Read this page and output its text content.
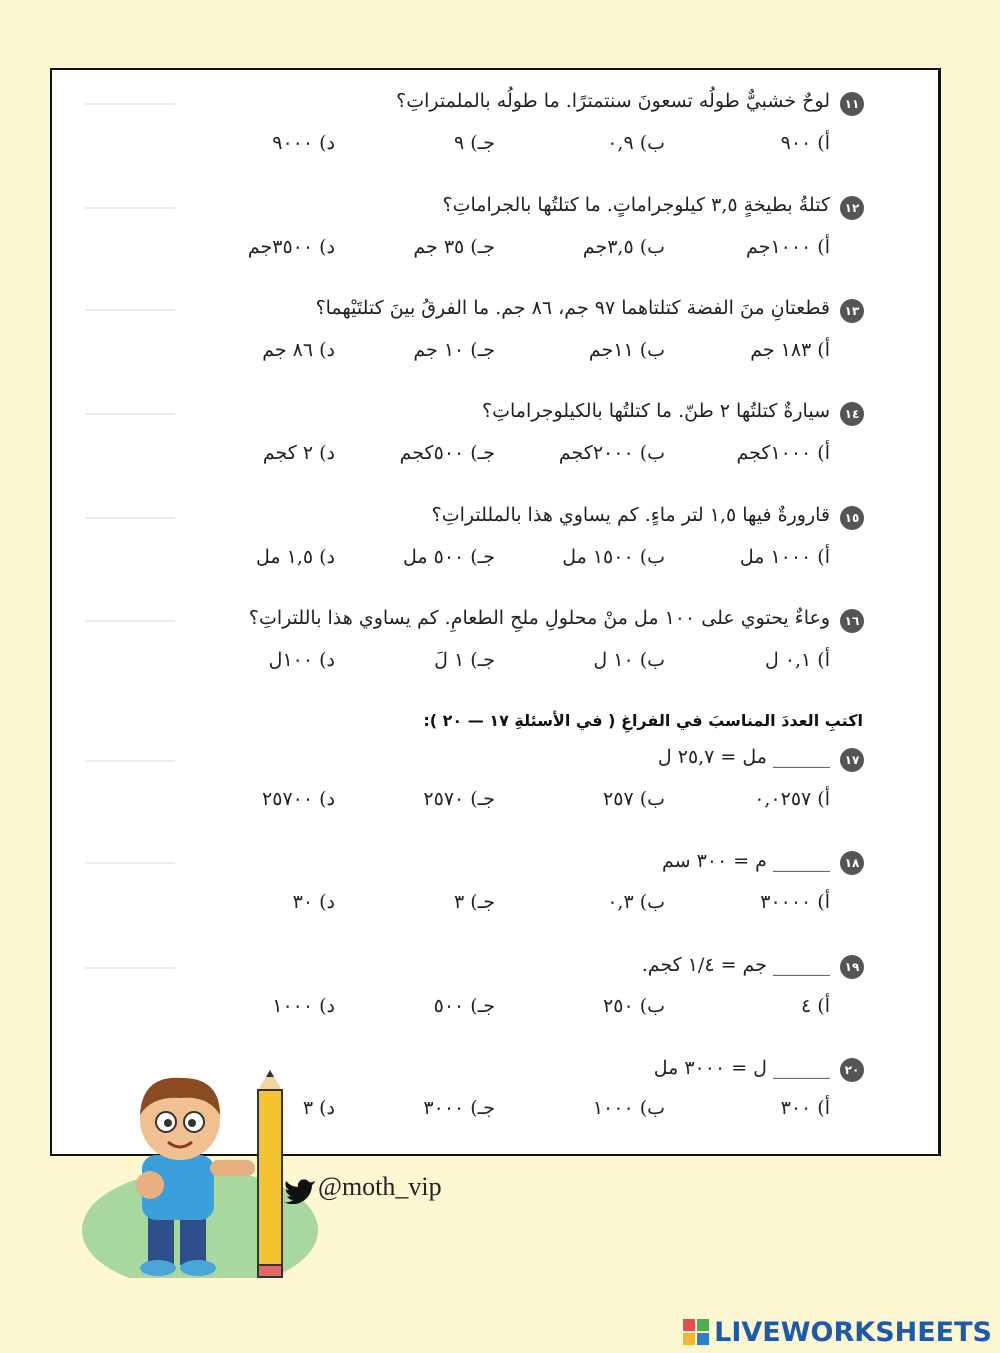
١١
لوحٌ خشبيٌّ طولُه تسعونَ سنتمترًا. ما طولُه بالملمتراتِ؟
أ) ٩٠٠
ب) ٠,٩
جـ) ٩
د) ٩٠٠٠
١٢
كتلةُ بطيخةٍ ٣,٥ كيلوجراماتٍ. ما كتلتُها بالجراماتِ؟
أ) ١٠٠٠جم
ب) ٣,٥جم
جـ) ٣٥ جم
د) ٣٥٠٠جم
١٣
قطعتانِ منَ الفضة كتلتاهما ٩٧ جم، ٨٦ جم. ما الفرقُ بينَ كتلتَيْهما؟
أ) ١٨٣ جم
ب) ١١جم
جـ) ١٠ جم
د) ٨٦ جم
١٤
سيارةٌ كتلتُها ٢ طنّ. ما كتلتُها بالكيلوجراماتِ؟
أ) ١٠٠٠كجم
ب) ٢٠٠٠كجم
جـ) ٥٠٠كجم
د) ٢ كجم
١٥
قارورةٌ فيها ١,٥ لتر ماءٍ. كم يساوي هذا بالمللتراتِ؟
أ) ١٠٠٠ مل
ب) ١٥٠٠ مل
جـ) ٥٠٠ مل
د) ١,٥ مل
١٦
وعاءٌ يحتوي على ١٠٠ مل منْ محلولِ ملحِ الطعامِ. كم يساوي هذا باللتراتِ؟
أ) ٠,١ ل
ب) ١٠ ل
جـ) ١ لَ
د) ١٠٠ل
اكتبِ العددَ المناسبَ في الفراغِ ( في الأسئلةِ ١٧ — ٢٠ ):
١٧
______ مل = ٢٥,٧ ل
أ) ٠,٠٢٥٧
ب) ٢٥٧
جـ) ٢٥٧٠
د) ٢٥٧٠٠
١٨
______ م = ٣٠٠ سم
أ) ٣٠٠٠٠
ب) ٠,٣
جـ) ٣
د) ٣٠
١٩
______ جم = ١/٤ كجم.
أ) ٤
ب) ٢٥٠
جـ) ٥٠٠
د) ١٠٠٠
٢٠
______ ل = ٣٠٠٠ مل
أ) ٣٠٠
ب) ١٠٠٠
جـ) ٣٠٠٠
د) ٣
@moth_vip
LIVEWORKSHEETS
